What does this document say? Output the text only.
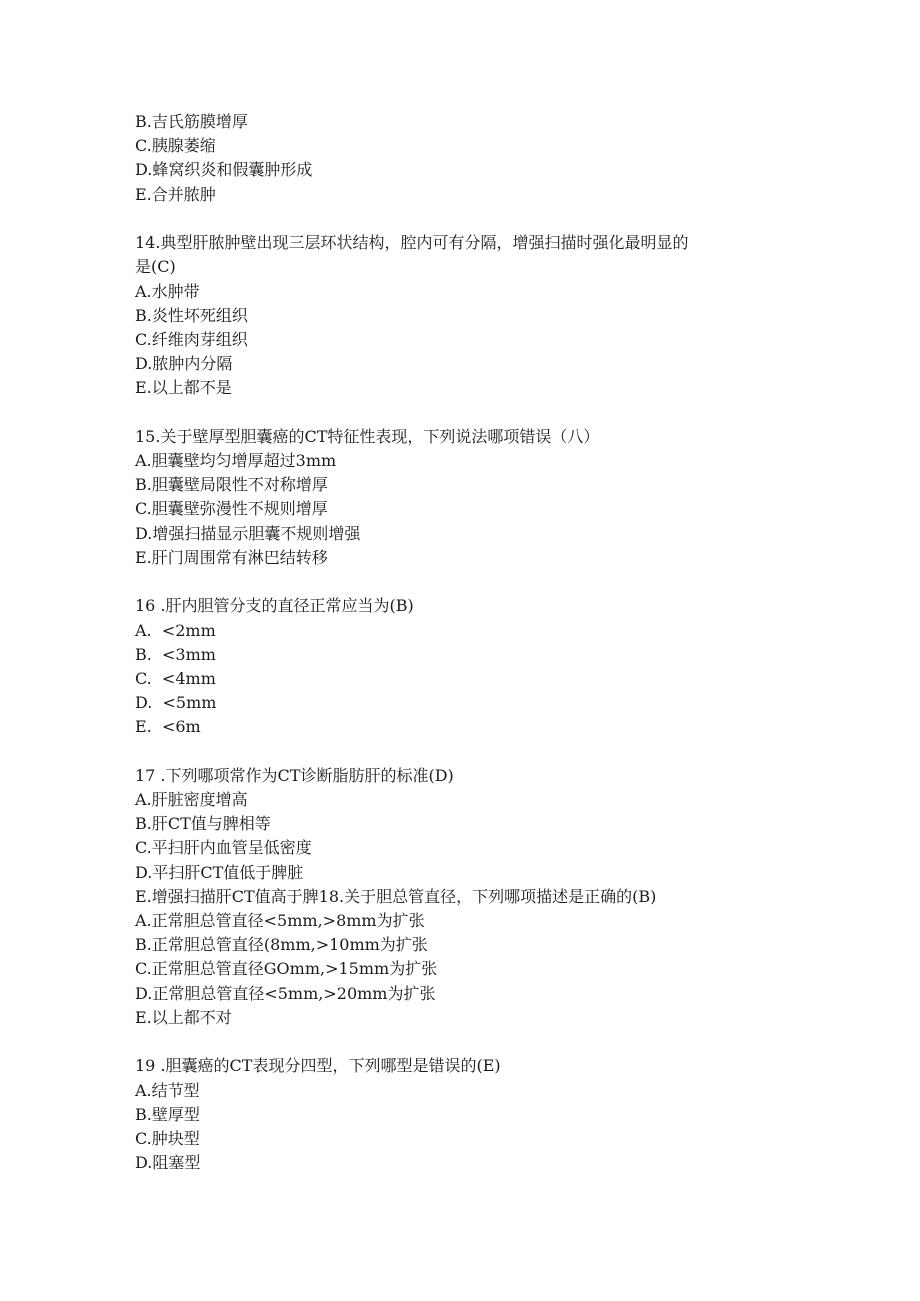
B.吉氏筋膜增厚
C.胰腺萎缩
D.蜂窝织炎和假囊肿形成
E.合并脓肿
14.典型肝脓肿壁出现三层环状结构，腔内可有分隔，增强扫描时强化最明显的
是(C)
A.水肿带
B.炎性坏死组织
C.纤维肉芽组织
D.脓肿内分隔
E.以上都不是
15.关于壁厚型胆囊癌的CT特征性表现，下列说法哪项错误（八）
A.胆囊壁均匀增厚超过3mm
B.胆囊壁局限性不对称增厚
C.胆囊壁弥漫性不规则增厚
D.增强扫描显示胆囊不规则增强
E.肝门周围常有淋巴结转移
16 .肝内胆管分支的直径正常应当为(B)
A.  <2mm
B.  <3mm
C.  <4mm
D.  <5mm
E.  <6m
17 .下列哪项常作为CT诊断脂肪肝的标准(D)
A.肝脏密度增高
B.肝CT值与脾相等
C.平扫肝内血管呈低密度
D.平扫肝CT值低于脾脏
E.增强扫描肝CT值高于脾18.关于胆总管直径，下列哪项描述是正确的(B)
A.正常胆总管直径<5mm,>8mm为扩张
B.正常胆总管直径(8mm,>10mm为扩张
C.正常胆总管直径GOmm,>15mm为扩张
D.正常胆总管直径<5mm,>20mm为扩张
E.以上都不对
19 .胆囊癌的CT表现分四型，下列哪型是错误的(E)
A.结节型
B.壁厚型
C.肿块型
D.阻塞型
